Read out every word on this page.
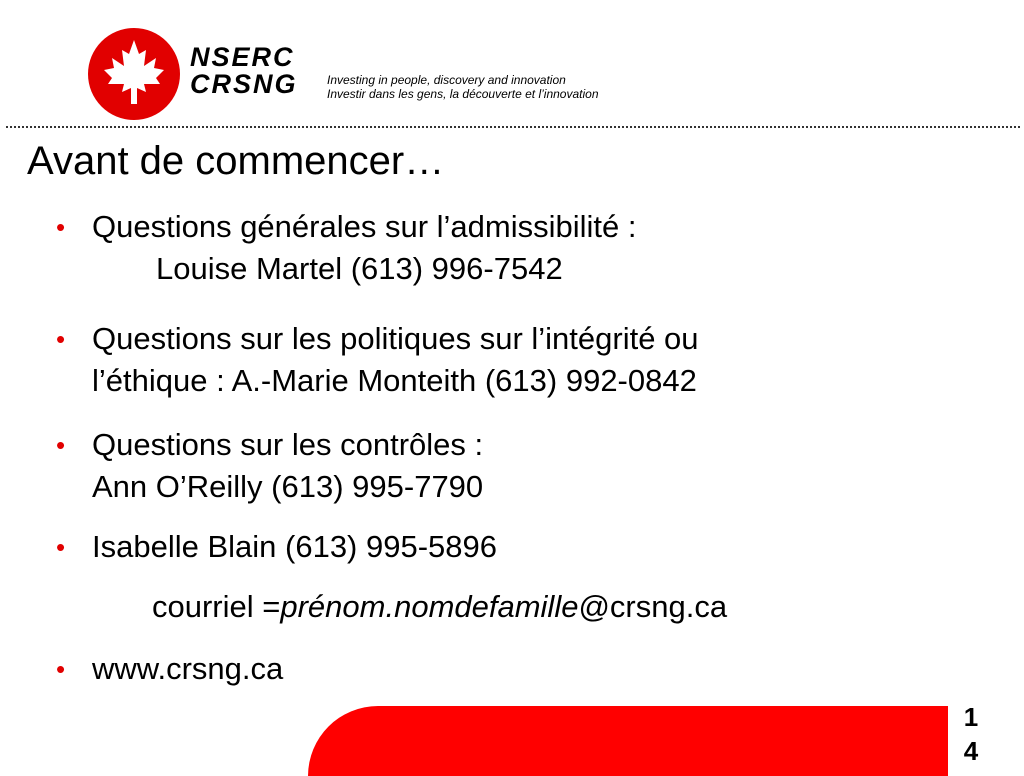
NSERC
CRSNG Investing in people, discovery and innovation
Investir dans les gens, la découverte et l’innovation
Avant de commencer…
• Questions générales sur l’admissibilité :
Louise Martel (613) 996-7542
• Questions sur les politiques sur l’intégrité ou
l’éthique : A.-Marie Monteith (613) 992-0842
• Questions sur les contrôles :
Ann O’Reilly (613) 995-7790
• Isabelle Blain (613) 995-5896
courriel =prénom.nomdefamille@crsng.ca
• www.crsng.ca
1 4
